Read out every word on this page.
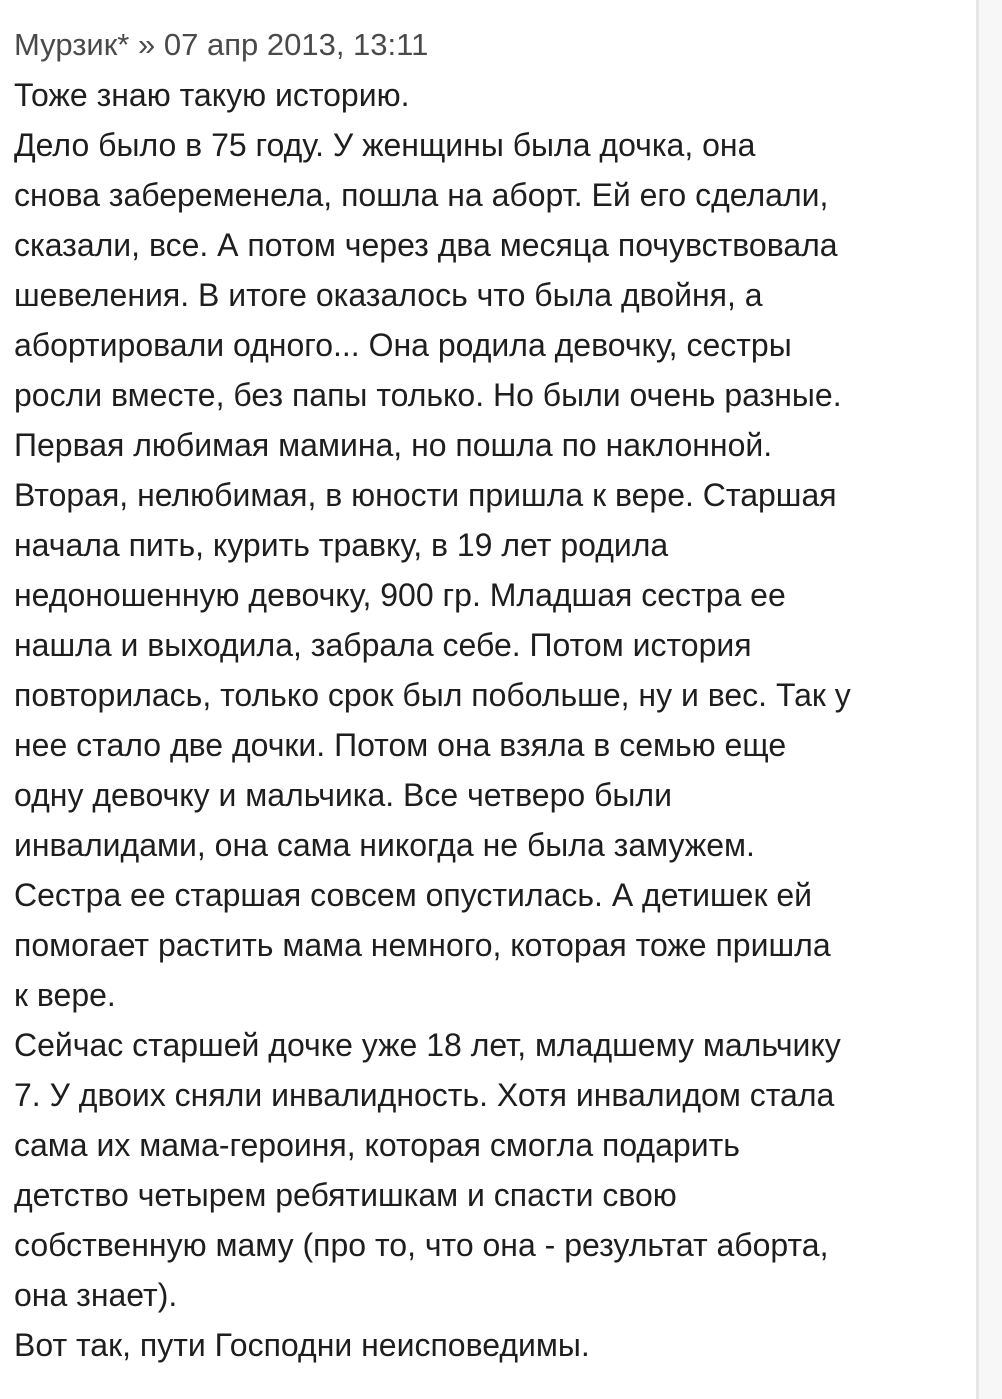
Мурзик* » 07 апр 2013, 13:11
Тоже знаю такую историю.
Дело было в 75 году. У женщины была дочка, она
снова забеременела, пошла на аборт. Ей его сделали,
сказали, все. А потом через два месяца почувствовала
шевеления. В итоге оказалось что была двойня, а
абортировали одного... Она родила девочку, сестры
росли вместе, без папы только. Но были очень разные.
Первая любимая мамина, но пошла по наклонной.
Вторая, нелюбимая, в юности пришла к вере. Старшая
начала пить, курить травку, в 19 лет родила
недоношенную девочку, 900 гр. Младшая сестра ее
нашла и выходила, забрала себе. Потом история
повторилась, только срок был побольше, ну и вес. Так у
нее стало две дочки. Потом она взяла в семью еще
одну девочку и мальчика. Все четверо были
инвалидами, она сама никогда не была замужем.
Сестра ее старшая совсем опустилась. А детишек ей
помогает растить мама немного, которая тоже пришла
к вере.
Сейчас старшей дочке уже 18 лет, младшему мальчику
7. У двоих сняли инвалидность. Хотя инвалидом стала
сама их мама-героиня, которая смогла подарить
детство четырем ребятишкам и спасти свою
собственную маму (про то, что она - результат аборта,
она знает).
Вот так, пути Господни неисповедимы.
